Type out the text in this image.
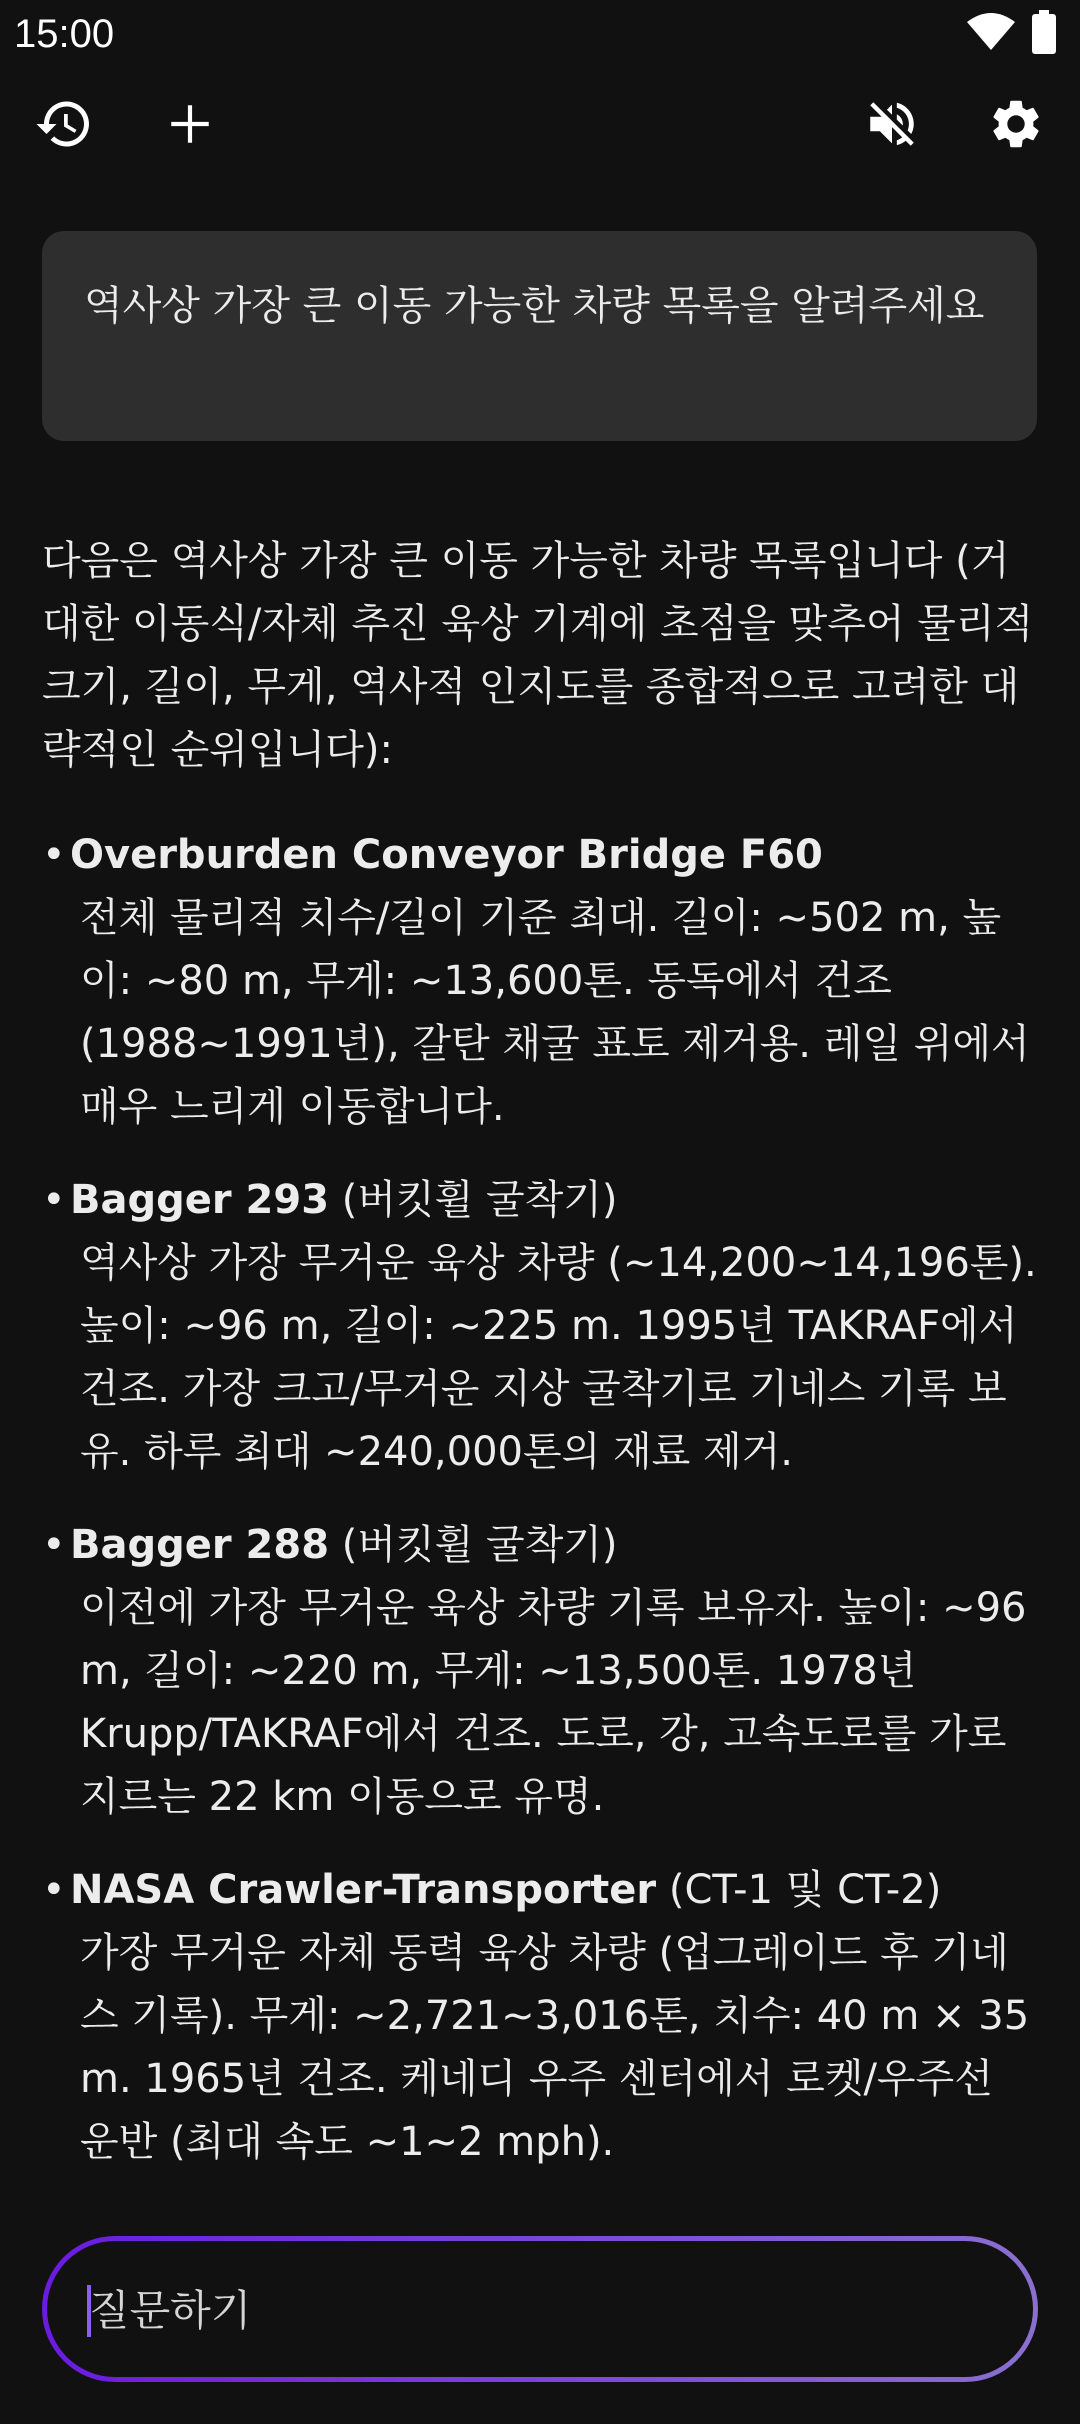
15:00
역사상 가장 큰 이동 가능한 차량 목록을 알려주세요

다음은 역사상 가장 큰 이동 가능한 차량 목록입니다 (거대한 이동식/자체 추진 육상 기계에 초점을 맞추어 물리적 크기, 길이, 무게, 역사적 인지도를 종합적으로 고려한 대략적인 순위입니다):

• Overburden Conveyor Bridge F60
전체 물리적 치수/길이 기준 최대. 길이: ~502 m, 높이: ~80 m, 무게: ~13,600톤. 동독에서 건조(1988~1991년), 갈탄 채굴 표토 제거용. 레일 위에서 매우 느리게 이동합니다.
• Bagger 293 (버킷휠 굴착기)
역사상 가장 무거운 육상 차량 (~14,200~14,196톤). 높이: ~96 m, 길이: ~225 m. 1995년 TAKRAF에서 건조. 가장 크고/무거운 지상 굴착기로 기네스 기록 보유. 하루 최대 ~240,000톤의 재료 제거.
• Bagger 288 (버킷휠 굴착기)
이전에 가장 무거운 육상 차량 기록 보유자. 높이: ~96 m, 길이: ~220 m, 무게: ~13,500톤. 1978년 Krupp/TAKRAF에서 건조. 도로, 강, 고속도로를 가로지르는 22 km 이동으로 유명.
• NASA Crawler-Transporter (CT-1 및 CT-2)
가장 무거운 자체 동력 육상 차량 (업그레이드 후 기네스 기록). 무게: ~2,721~3,016톤, 치수: 40 m × 35 m. 1965년 건조. 케네디 우주 센터에서 로켓/우주선 운반 (최대 속도 ~1~2 mph).
질문하기
